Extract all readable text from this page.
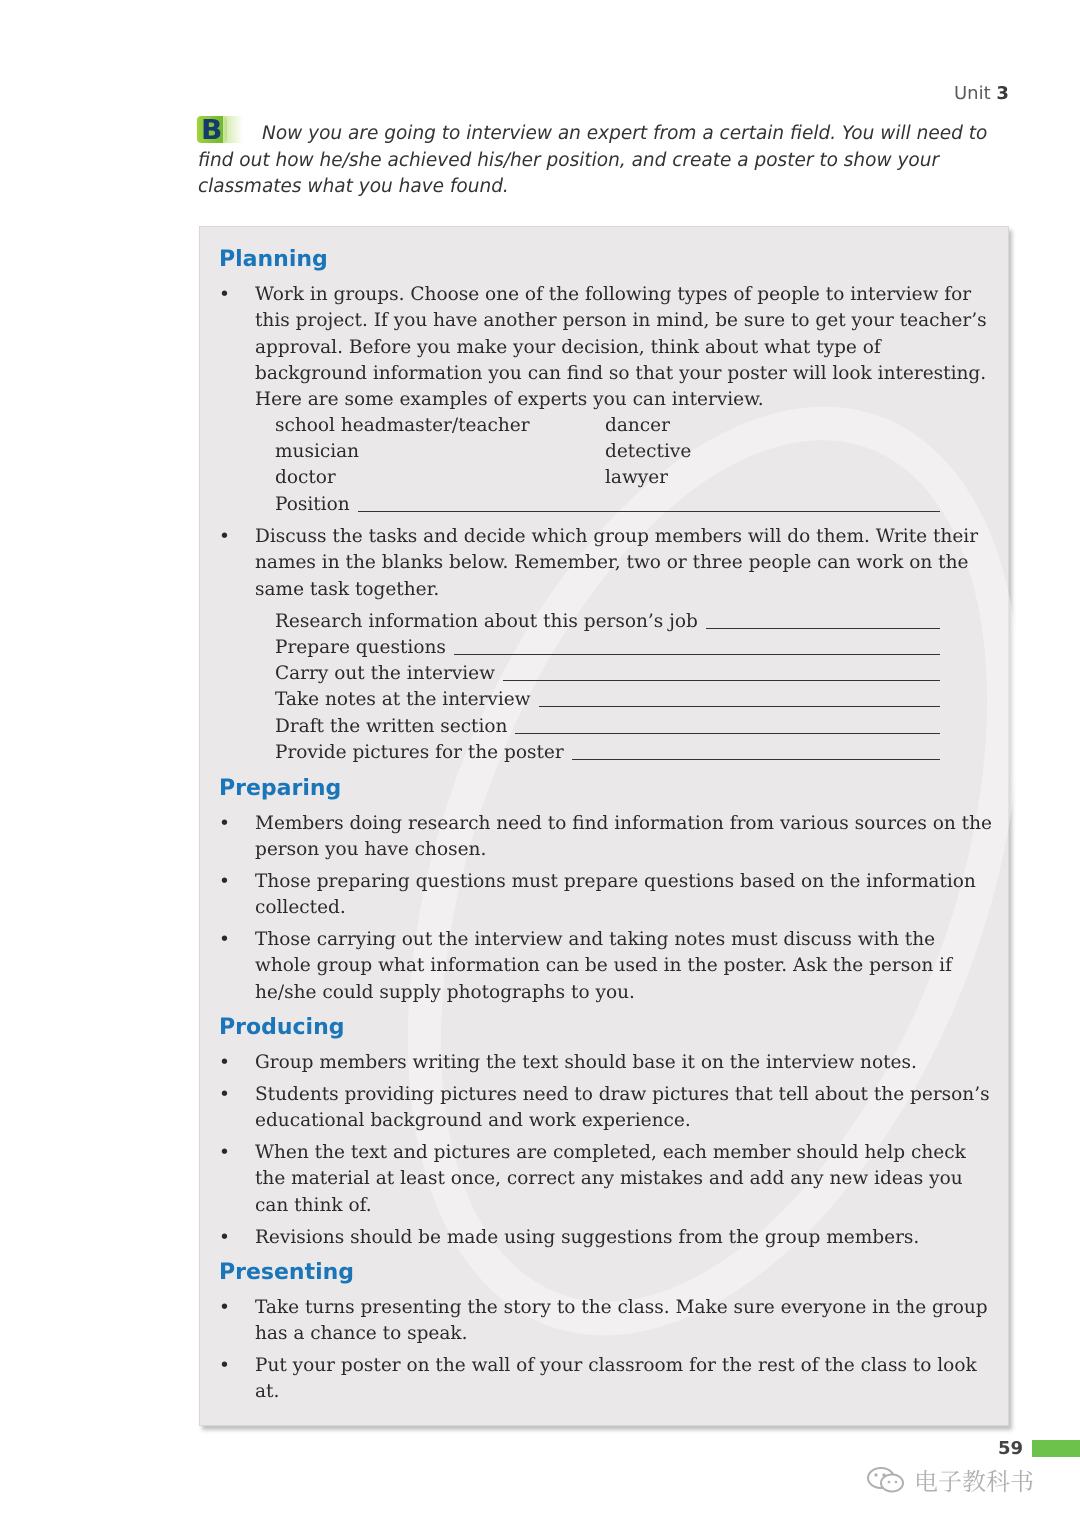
Unit 3
B	Now you are going to interview an expert from a certain field. You will need to find out how he/she achieved his/her position, and create a poster to show your classmates what you have found.

Planning
• Work in groups. Choose one of the following types of people to interview for this project. If you have another person in mind, be sure to get your teacher’s approval. Before you make your decision, think about what type of background information you can find so that your poster will look interesting. Here are some examples of experts you can interview.
school headmaster/teacher
musician
doctor
dancer
detective
lawyer
Position
• Discuss the tasks and decide which group members will do them. Write their names in the blanks below. Remember, two or three people can work on the same task together.
Research information about this person’s job
Prepare questions
Carry out the interview
Take notes at the interview
Draft the written section
Provide pictures for the poster
Preparing
• Members doing research need to find information from various sources on the person you have chosen.
• Those preparing questions must prepare questions based on the information collected.
• Those carrying out the interview and taking notes must discuss with the whole group what information can be used in the poster. Ask the person if he/she could supply photographs to you.
Producing
• Group members writing the text should base it on the interview notes.
• Students providing pictures need to draw pictures that tell about the person’s educational background and work experience.
• When the text and pictures are completed, each member should help check the material at least once, correct any mistakes and add any new ideas you can think of.
• Revisions should be made using suggestions from the group members.
Presenting
• Take turns presenting the story to the class. Make sure everyone in the group has a chance to speak.
• Put your poster on the wall of your classroom for the rest of the class to look at.
59
电子教科书
